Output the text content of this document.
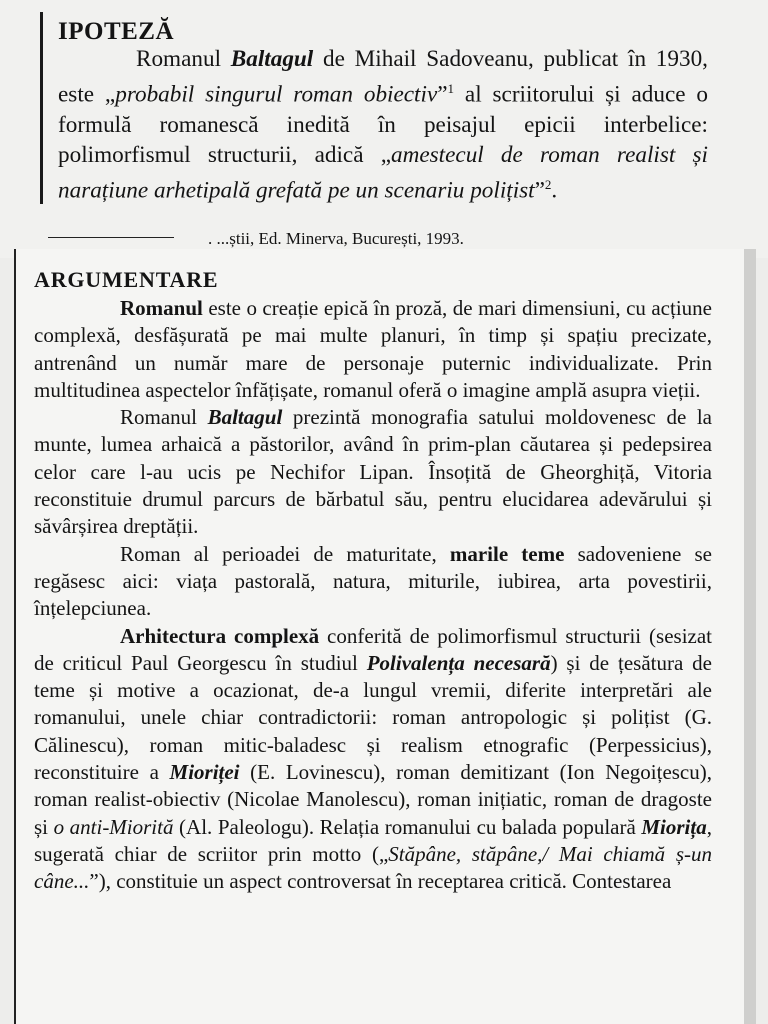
IPOTEZĂ
Romanul Baltagul de Mihail Sadoveanu, publicat în 1930, este „probabil singurul roman obiectiv”$^1$ al scriitorului și aduce o formulă romanescă inedită în peisajul epicii interbelice: polimorfismul structurii, adică „amestecul de roman realist și narațiune arhetipală grefată pe un scenariu polițist”$^2$.
. ...știi, Ed. Minerva, București, 1993.
ARGUMENTARE

Romanul este o creație epică în proză, de mari dimensiuni, cu acțiune complexă, desfășurată pe mai multe planuri, în timp și spațiu precizate, antrenând un număr mare de personaje puternic individualizate. Prin multitudinea aspectelor înfățișate, romanul oferă o imagine amplă asupra vieții.

Romanul Baltagul prezintă monografia satului moldovenesc de la munte, lumea arhaică a păstorilor, având în prim-plan căutarea și pedepsirea celor care l-au ucis pe Nechifor Lipan. Însoțită de Gheorghiță, Vitoria reconstituie drumul parcurs de bărbatul său, pentru elucidarea adevărului și săvârșirea dreptății.

Roman al perioadei de maturitate, marile teme sadoveniene se regăsesc aici: viața pastorală, natura, miturile, iubirea, arta povestirii, înțelepciunea.

Arhitectura complexă conferită de polimorfismul structurii (sesizat de criticul Paul Georgescu în studiul Polivalența necesară) și de țesătura de teme și motive a ocazionat, de-a lungul vremii, diferite interpretări ale romanului, unele chiar contradictorii: roman antropologic și polițist (G. Călinescu), roman mitic-baladesc și realism etnografic (Perpessicius), reconstituire a Mioriței (E. Lovinescu), roman demitizant (Ion Negoițescu), roman realist-obiectiv (Nicolae Manolescu), roman inițiatic, roman de dragoste și o anti-Miorită (Al. Paleologu). Relația romanului cu balada populară Miorița, sugerată chiar de scriitor prin motto („Stăpâne, stăpâne,/ Mai chiamă ș-un câne...”), constituie un aspect controversat în receptarea critică. Contestarea
